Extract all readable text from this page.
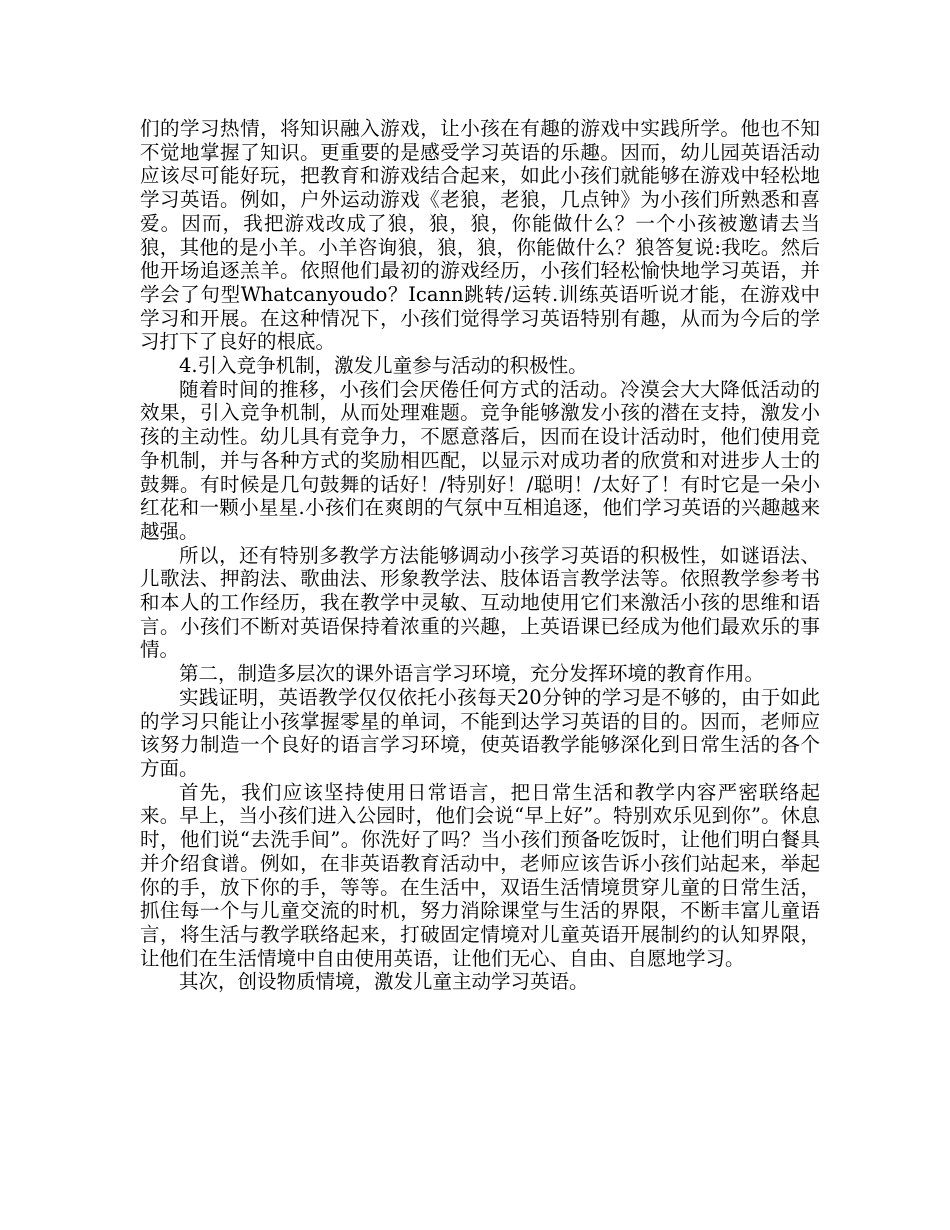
们的学习热情，将知识融入游戏，让小孩在有趣的游戏中实践所学。他也不知不觉地掌握了知识。更重要的是感受学习英语的乐趣。因而，幼儿园英语活动应该尽可能好玩，把教育和游戏结合起来，如此小孩们就能够在游戏中轻松地学习英语。例如，户外运动游戏《老狼，老狼，几点钟》为小孩们所熟悉和喜爱。因而，我把游戏改成了狼，狼，狼，你能做什么？一个小孩被邀请去当狼，其他的是小羊。小羊咨询狼，狼，狼，你能做什么？狼答复说:我吃。然后他开场追逐羔羊。依照他们最初的游戏经历，小孩们轻松愉快地学习英语，并学会了句型Whatcanyoudo？Icann跳转/运转.训练英语听说才能，在游戏中学习和开展。在这种情况下，小孩们觉得学习英语特别有趣，从而为今后的学习打下了良好的根底。

4.引入竞争机制，激发儿童参与活动的积极性。

随着时间的推移，小孩们会厌倦任何方式的活动。冷漠会大大降低活动的效果，引入竞争机制，从而处理难题。竞争能够激发小孩的潜在支持，激发小孩的主动性。幼儿具有竞争力，不愿意落后，因而在设计活动时，他们使用竞争机制，并与各种方式的奖励相匹配，以显示对成功者的欣赏和对进步人士的鼓舞。有时候是几句鼓舞的话好！/特别好！/聪明！/太好了！有时它是一朵小红花和一颗小星星.小孩们在爽朗的气氛中互相追逐，他们学习英语的兴趣越来越强。

所以，还有特别多教学方法能够调动小孩学习英语的积极性，如谜语法、儿歌法、押韵法、歌曲法、形象教学法、肢体语言教学法等。依照教学参考书和本人的工作经历，我在教学中灵敏、互动地使用它们来激活小孩的思维和语言。小孩们不断对英语保持着浓重的兴趣，上英语课已经成为他们最欢乐的事情。

第二，制造多层次的课外语言学习环境，充分发挥环境的教育作用。

实践证明，英语教学仅仅依托小孩每天20分钟的学习是不够的，由于如此的学习只能让小孩掌握零星的单词，不能到达学习英语的目的。因而，老师应该努力制造一个良好的语言学习环境，使英语教学能够深化到日常生活的各个方面。

首先，我们应该坚持使用日常语言，把日常生活和教学内容严密联络起来。早上，当小孩们进入公园时，他们会说“早上好”。特别欢乐见到你”。休息时，他们说“去洗手间”。你洗好了吗？当小孩们预备吃饭时，让他们明白餐具并介绍食谱。例如，在非英语教育活动中，老师应该告诉小孩们站起来，举起你的手，放下你的手，等等。在生活中，双语生活情境贯穿儿童的日常生活，抓住每一个与儿童交流的时机，努力消除课堂与生活的界限，不断丰富儿童语言，将生活与教学联络起来，打破固定情境对儿童英语开展制约的认知界限，让他们在生活情境中自由使用英语，让他们无心、自由、自愿地学习。

其次，创设物质情境，激发儿童主动学习英语。
